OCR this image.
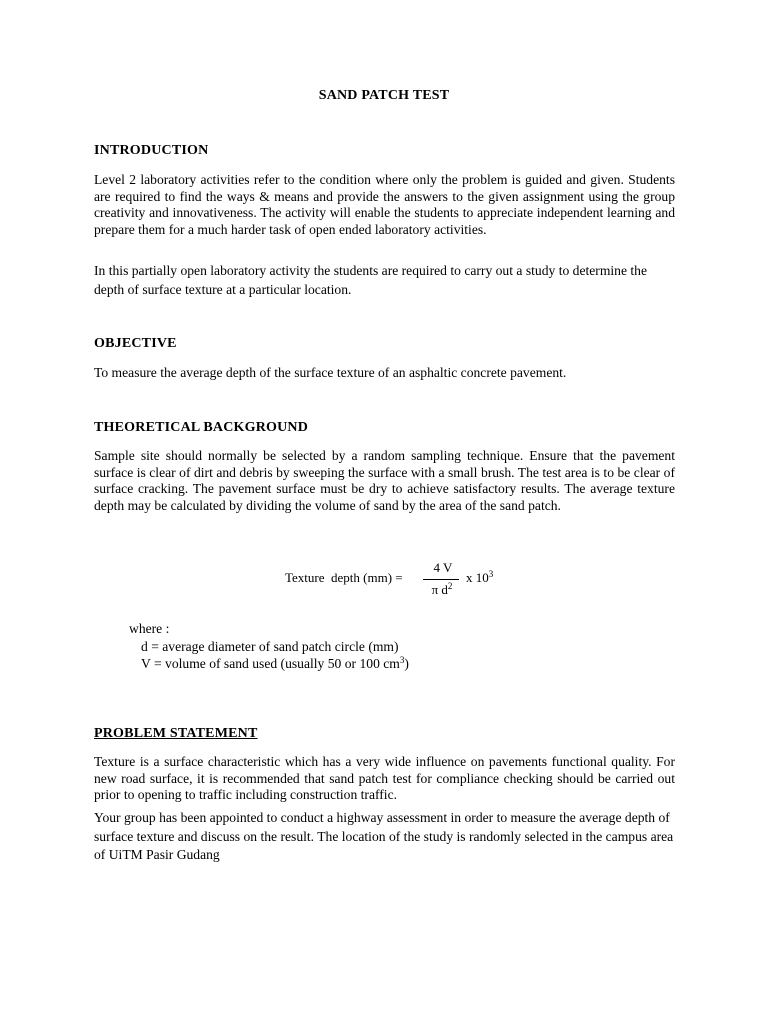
SAND PATCH TEST
INTRODUCTION
Level 2 laboratory activities refer to the condition where only the problem is guided and given. Students are required to find the ways & means and provide the answers to the given assignment using the group creativity and innovativeness. The activity will enable the students to appreciate independent learning and prepare them for a much harder task of open ended laboratory activities.
In this partially open laboratory activity the students are required to carry out a study to determine the depth of surface texture at a particular location.
OBJECTIVE
To measure the average depth of the surface texture of an asphaltic concrete pavement.
THEORETICAL BACKGROUND
Sample site should normally be selected by a random sampling technique. Ensure that the pavement surface is clear of dirt and debris by sweeping the surface with a small brush. The test area is to be clear of surface cracking. The pavement surface must be dry to achieve satisfactory results. The average texture depth may be calculated by dividing the volume of sand by the area of the sand patch.
Texture  depth (mm) =
4 V
π $d^2$
x $10^3$
where :
d = average diameter of sand patch circle (mm)
V = volume of sand used (usually 50 or 100 $cm^3$)
PROBLEM STATEMENT
Texture is a surface characteristic which has a very wide influence on pavements functional quality. For new road surface, it is recommended that sand patch test for compliance checking should be carried out prior to opening to traffic including construction traffic.
Your group has been appointed to conduct a highway assessment in order to measure the average depth of surface texture and discuss on the result. The location of the study is randomly selected in the campus area of UiTM Pasir Gudang
